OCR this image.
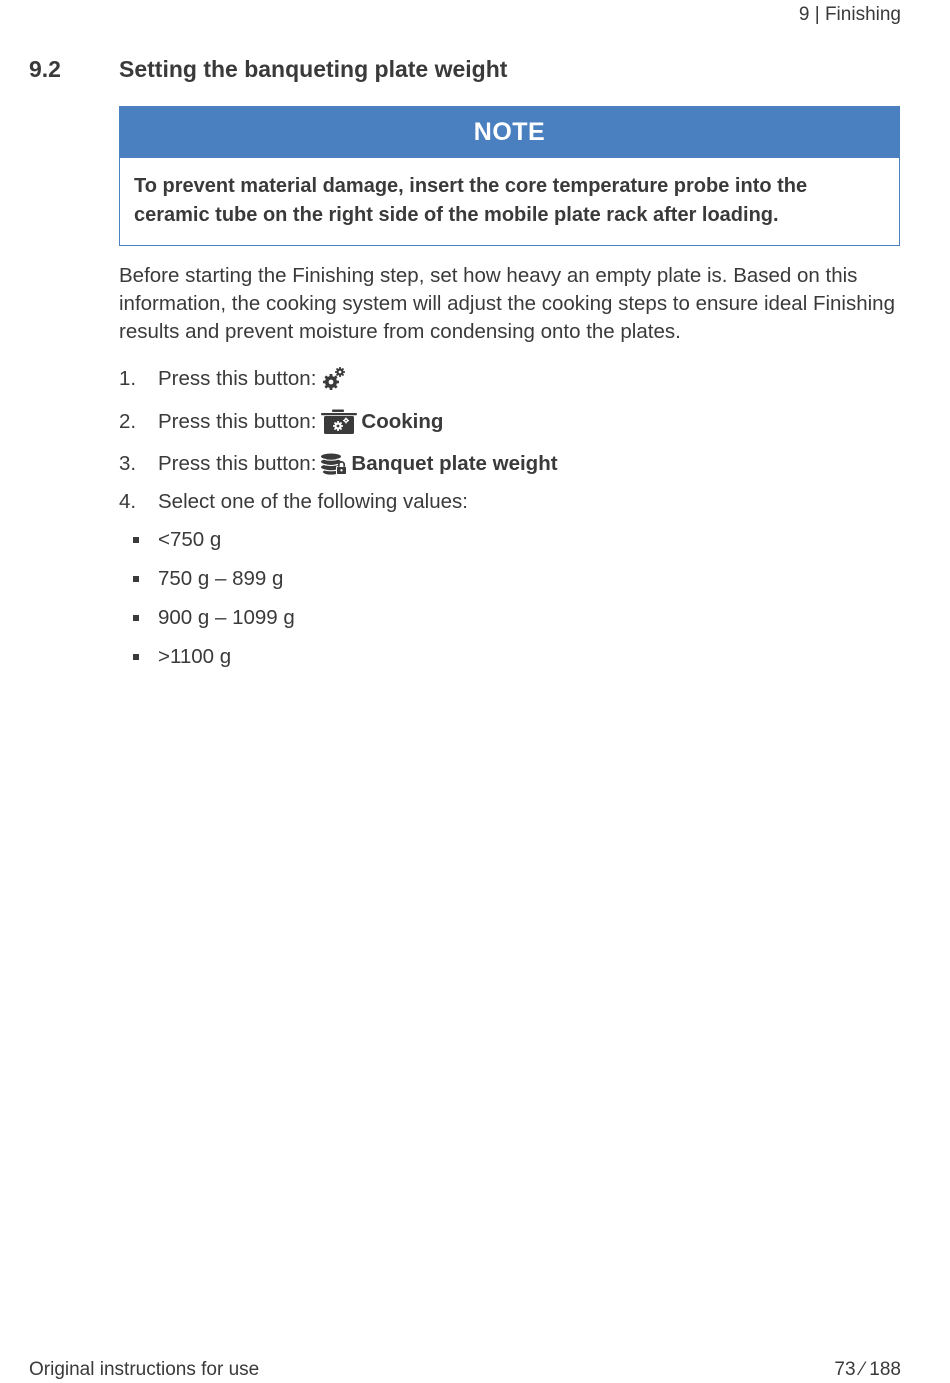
9 | Finishing
9.2	Setting the banqueting plate weight
NOTE
To prevent material damage, insert the core temperature probe into the ceramic tube on the right side of the mobile plate rack after loading.

Before starting the Finishing step, set how heavy an empty plate is. Based on this information, the cooking system will adjust the cooking steps to ensure ideal Finishing results and prevent moisture from condensing onto the plates.

1. Press this button:
2. Press this button: Cooking
3. Press this button: Banquet plate weight
4. Select one of the following values:
<750 g
750 g – 899 g
900 g – 1099 g
>1100 g
Original instructions for use	73 ⁄ 188
